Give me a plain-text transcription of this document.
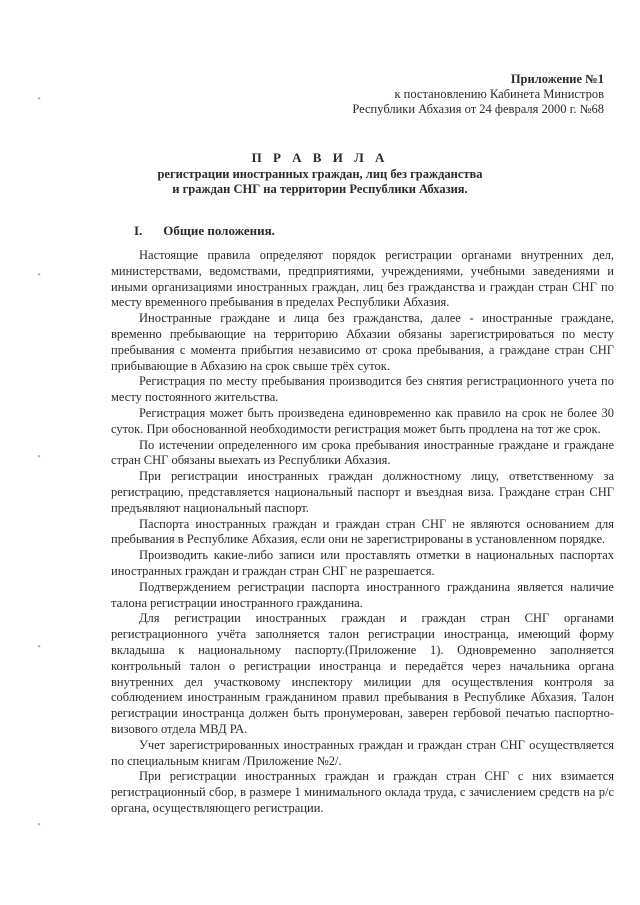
•
•
•
•
•
Приложение №1
к постановлению Кабинета Министров
Республики Абхазия от 24 февраля 2000 г. №68
П Р А В И Л А
регистрации иностранных граждан, лиц без гражданства
и граждан СНГ на территории Республики Абхазия.
I. Общие положения.

Настоящие правила определяют порядок регистрации органами внутренних дел, министерствами, ведомствами, предприятиями, учреждениями, учебными заведениями и иными организациями иностранных граждан, лиц без гражданства и граждан стран СНГ по месту временного пребывания в пределах Республики Абхазия.

Иностранные граждане и лица без гражданства, далее - иностранные граждане, временно пребывающие на территорию Абхазии обязаны зарегистрироваться по месту пребывания с момента прибытия независимо от срока пребывания, а граждане стран СНГ прибывающие в Абхазию на срок свыше трёх суток.

Регистрация по месту пребывания производится без снятия регистрационного учета по месту постоянного жительства.

Регистрация может быть произведена единовременно как правило на срок не более 30 суток. При обоснованной необходимости регистрация может быть продлена на тот же срок.

По истечении определенного им срока пребывания иностранные граждане и граждане стран СНГ обязаны выехать из Республики Абхазия.

При регистрации иностранных граждан должностному лицу, ответственному за регистрацию, представляется национальный паспорт и въездная виза. Граждане стран СНГ предъявляют национальный паспорт.

Паспорта иностранных граждан и граждан стран СНГ не являются основанием для пребывания в Республике Абхазия, если они не зарегистрированы в установленном порядке.

Производить какие-либо записи или проставлять отметки в национальных паспортах иностранных граждан и граждан стран СНГ не разрешается.

Подтверждением регистрации паспорта иностранного гражданина является наличие талона регистрации иностранного гражданина.

Для регистрации иностранных граждан и граждан стран СНГ органами регистрационного учёта заполняется талон регистрации иностранца, имеющий форму вкладыша к национальному паспорту.(Приложение 1). Одновременно заполняется контрольный талон о регистрации иностранца и передаётся через начальника органа внутренних дел участковому инспектору милиции для осуществления контроля за соблюдением иностранным гражданином правил пребывания в Республике Абхазия. Талон регистрации иностранца должен быть пронумерован, заверен гербовой печатью паспортно-визового отдела МВД РА.

Учет зарегистрированных иностранных граждан и граждан стран СНГ осуществляется по специальным книгам /Приложение №2/.

При регистрации иностранных граждан и граждан стран СНГ с них взимается регистрационный сбор, в размере 1 минимального оклада труда, с зачислением средств на р/с органа, осуществляющего регистрации.
